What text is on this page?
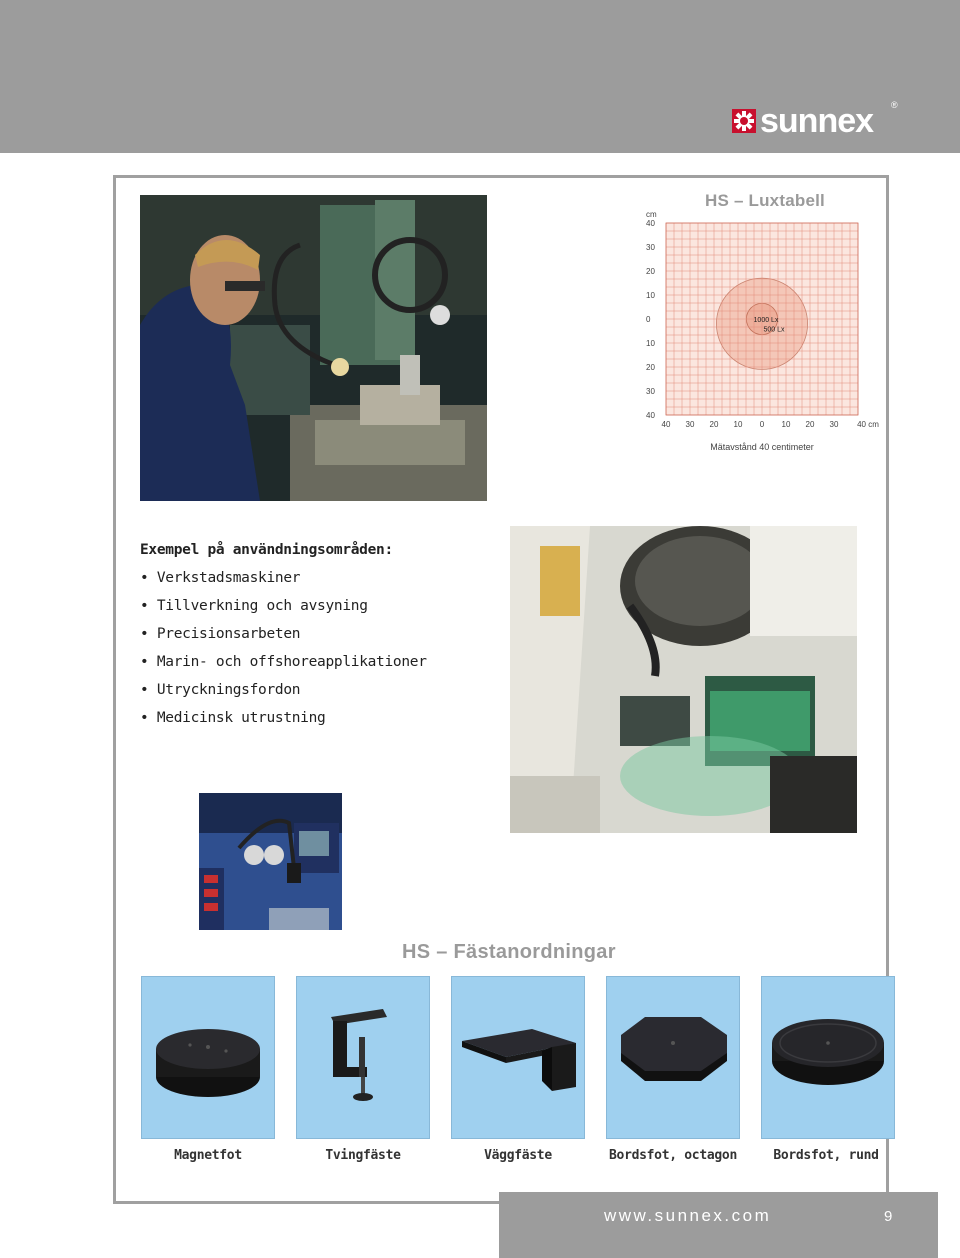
sunnex ®
HS – Luxtabell
1000 Lx
500 Lx
40
30
20
10
0
10
20
30
40
cm
40 30 20 10 0 10 20 30 40 cm
Mätavstånd 40 centimeter
Exempel på användningsområden:
• Verkstadsmaskiner
• Tillverkning och avsyning
• Precisionsarbeten
• Marin- och offshoreapplikationer
• Utryckningsfordon
• Medicinsk utrustning
HS – Fästanordningar
Magnetfot	Tvingfäste	Väggfäste	Bordsfot, octagon	Bordsfot, rund
www.sunnex.com	9
